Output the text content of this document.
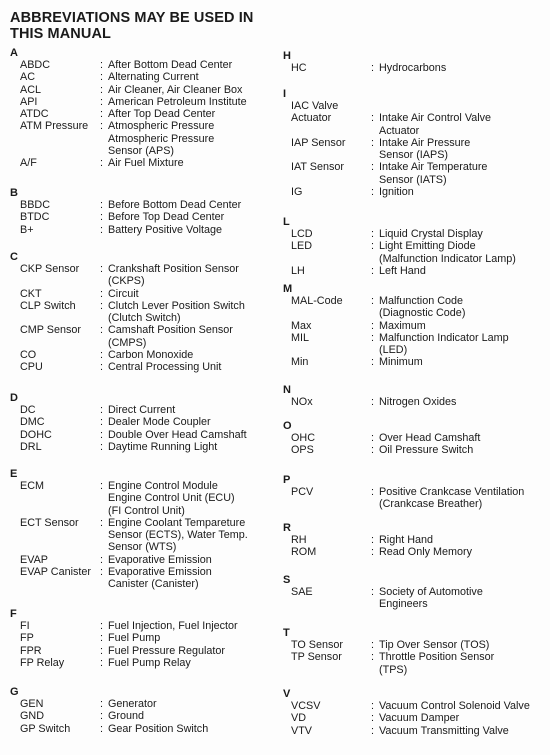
ABBREVIATIONS MAY BE USED IN
THIS MANUAL
A
ABDC	: After Bottom Dead Center
AC	: Alternating Current
ACL	: Air Cleaner, Air Cleaner Box
API	: American Petroleum Institute
ATDC	: After Top Dead Center
ATM Pressure	: Atmospheric Pressure
Atmospheric Pressure
Sensor (APS)
A/F	: Air Fuel Mixture
B
BBDC	: Before Bottom Dead Center
BTDC	: Before Top Dead Center
B+	: Battery Positive Voltage
C
CKP Sensor	: Crankshaft Position Sensor
(CKPS)
CKT	: Circuit
CLP Switch	: Clutch Lever Position Switch
(Clutch Switch)
CMP Sensor	: Camshaft Position Sensor
(CMPS)
CO	: Carbon Monoxide
CPU	: Central Processing Unit
D
DC	: Direct Current
DMC	: Dealer Mode Coupler
DOHC	: Double Over Head Camshaft
DRL	: Daytime Running Light
E
ECM	: Engine Control Module
Engine Control Unit (ECU)
(FI Control Unit)
ECT Sensor	: Engine Coolant Tempareture
Sensor (ECTS), Water Temp.
Sensor (WTS)
EVAP	: Evaporative Emission
EVAP Canister : Evaporative Emission
Canister (Canister)
F
FI	: Fuel Injection, Fuel Injector
FP	: Fuel Pump
FPR	: Fuel Pressure Regulator
FP Relay	: Fuel Pump Relay
G
GEN	: Generator
GND	: Ground
GP Switch	: Gear Position Switch
H
HC	: Hydrocarbons
I
IAC Valve
Actuator	:
Intake Air Control Valve
Actuator
IAP Sensor	: Intake Air Pressure
Sensor (IAPS)
IAT Sensor	: Intake Air Temperature
Sensor (IATS)
IG	: Ignition
L
LCD	: Liquid Crystal Display
LED	: Light Emitting Diode
(Malfunction Indicator Lamp)
LH	: Left Hand
M
MAL-Code	: Malfunction Code
(Diagnostic Code)
Max	: Maximum
MIL	: Malfunction Indicator Lamp
(LED)
Min	: Minimum
N
NOx	: Nitrogen Oxides
O
OHC	: Over Head Camshaft
OPS	: Oil Pressure Switch
P
PCV	: Positive Crankcase Ventilation
(Crankcase Breather)
R
RH	: Right Hand
ROM	: Read Only Memory
S
SAE	: Society of Automotive
Engineers
T
TO Sensor	: Tip Over Sensor (TOS)
TP Sensor	: Throttle Position Sensor
(TPS)
V
VCSV	: Vacuum Control Solenoid Valve
VD	: Vacuum Damper
VTV	: Vacuum Transmitting Valve
